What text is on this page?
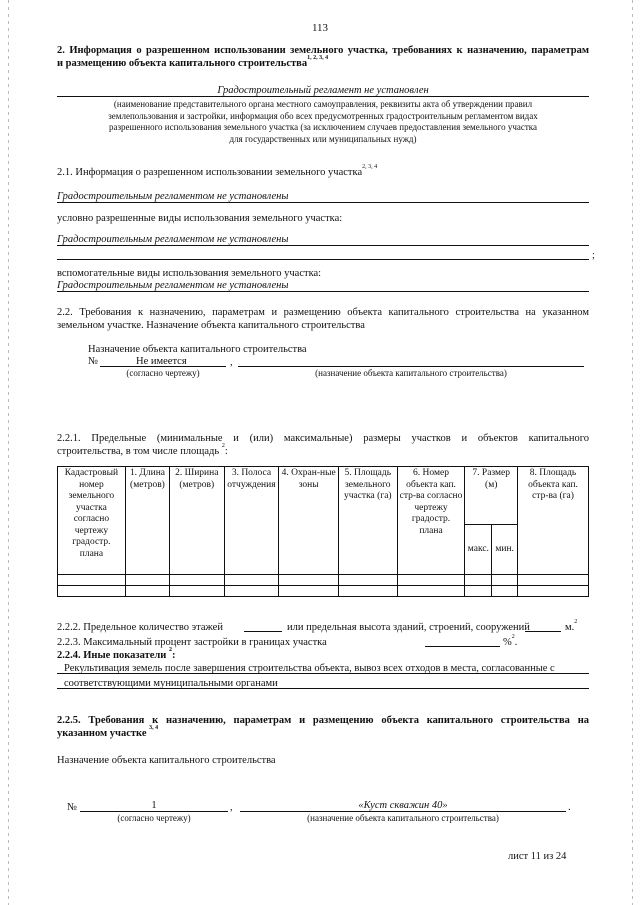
113
2. Информация о разрешенном использовании земельного участка, требованиях к назначению, параметрам
и размещению объекта капитального строительства$^{1, 2, 3, 4}$
Градостроительный регламент не установлен
(наименование представительного органа местного самоуправления, реквизиты акта об утверждении правил
землепользования и застройки, информация обо всех предусмотренных градостроительным регламентом видах
разрешенного использования земельного участка (за исключением случаев предоставления земельного участка
для государственных или муниципальных нужд)
2.1. Информация о разрешенном использовании земельного участка$^{2, 3, 4}$
Градостроительным регламентом не установлены
условно разрешенные виды использования земельного участка:
Градостроительным регламентом не установлены
;
вспомогательные виды использования земельного участка:
Градостроительным регламентом не установлены
2.2. Требования к назначению, параметрам и размещению объекта капитального строительства на указанном
земельном участке. Назначение объекта капитального строительства
Назначение объекта капитального строительства
№	Не имеется	,
(согласно чертежу)	(назначение объекта капитального строительства)
2.2.1. Предельные (минимальные и (или) максимальные) размеры участков и объектов капитального
строительства, в том числе площадь $^2$:
Кадастровый номер земельного участка согласно чертежу градостр. плана	1. Длина (метров)	2. Ширина (метров)	3. Полоса отчуждения	4. Охран-ные зоны	5. Площадь земельного участка (га)	6. Номер объекта кап. стр-ва согласно чертежу градостр. плана	7. Размер (м)		8. Площадь объекта кап. стр-ва (га)
							макс.	мин.	

2.2.2. Предельное количество этажей	или предельная высота зданий, строений, сооружений	м.$^2$
2.2.3. Максимальный процент застройки в границах участка	%$^2$.
2.2.4. Иные показатели $^2$:
Рекультивация земель после завершения строительства объекта, вывоз всех отходов в места, согласованные с
соответствующими муниципальными органами
2.2.5. Требования к назначению, параметрам и размещению объекта капитального строительства на
указанном участке $^{3, 4}$
Назначение объекта капитального строительства
№	1	,	«Куст скважин 40»	.
(согласно чертежу)	(назначение объекта капитального строительства)
лист 11 из 24
